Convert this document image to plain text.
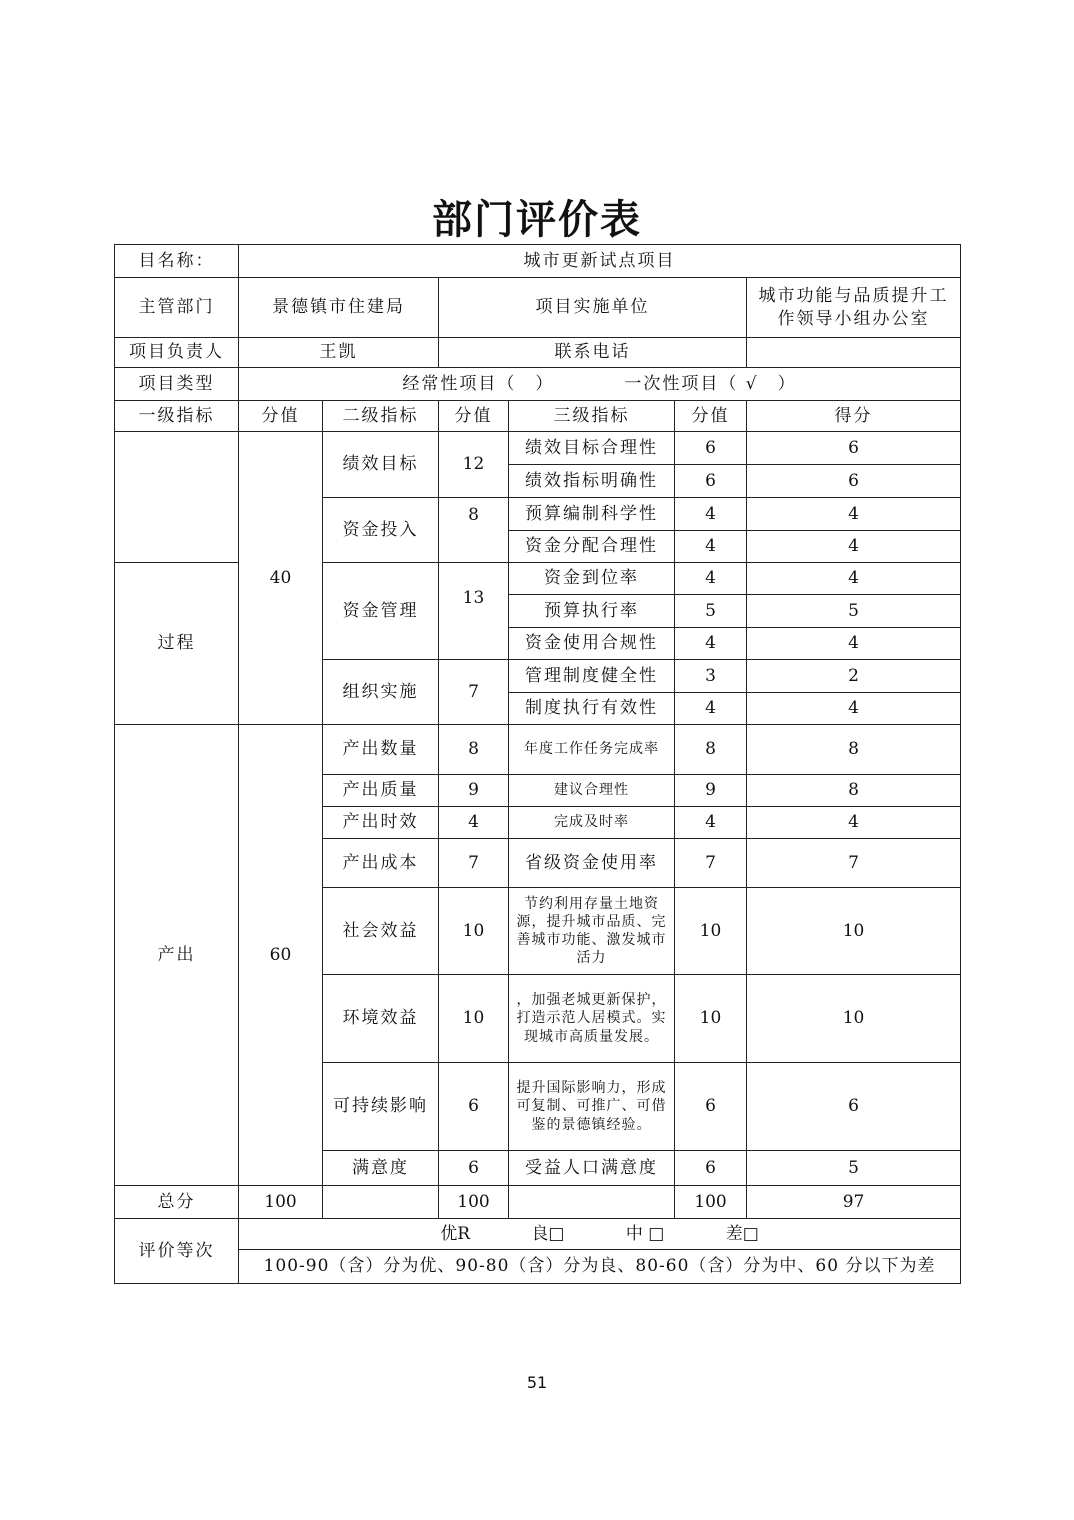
部门评价表
目名称：	城市更新试点项目					
主管部门	景德镇市住建局		项目实施单位			城市功能与品质提升工作领导小组办公室
项目负责人	王凯		联系电话			
项目类型	经常性项目（　） 一次性项目（ √　）					
一级指标	分值	二级指标	分值	三级指标	分值	得分
	40	绩效目标	12	绩效目标合理性	6	6
				绩效指标明确性	6	6
		资金投入	8	预算编制科学性	4	4
				资金分配合理性	4	4
过程		资金管理	13	资金到位率	4	4
				预算执行率	5	5
				资金使用合规性	4	4
		组织实施	7	管理制度健全性	3	2
				制度执行有效性	4	4
产出	60	产出数量	8	年度工作任务完成率	8	8
		产出质量	9	建议合理性	9	8
		产出时效	4	完成及时率	4	4
		产出成本	7	省级资金使用率	7	7
		社会效益	10	节约利用存量土地资源，提升城市品质、完善城市功能、激发城市活力	10	10
		环境效益	10	，加强老城更新保护，打造示范人居模式。实现城市高质量发展。	10	10
		可持续影响	6	提升国际影响力，形成可复制、可推广、可借鉴的景德镇经验。	6	6
		满意度	6	受益人口满意度	6	5
总分	100		100		100	97
评价等次	优R 良□ 中 □ 差□					
	100-90（含）分为优、90-80（含）分为良、80-60（含）分为中、60 分以下为差					
51
